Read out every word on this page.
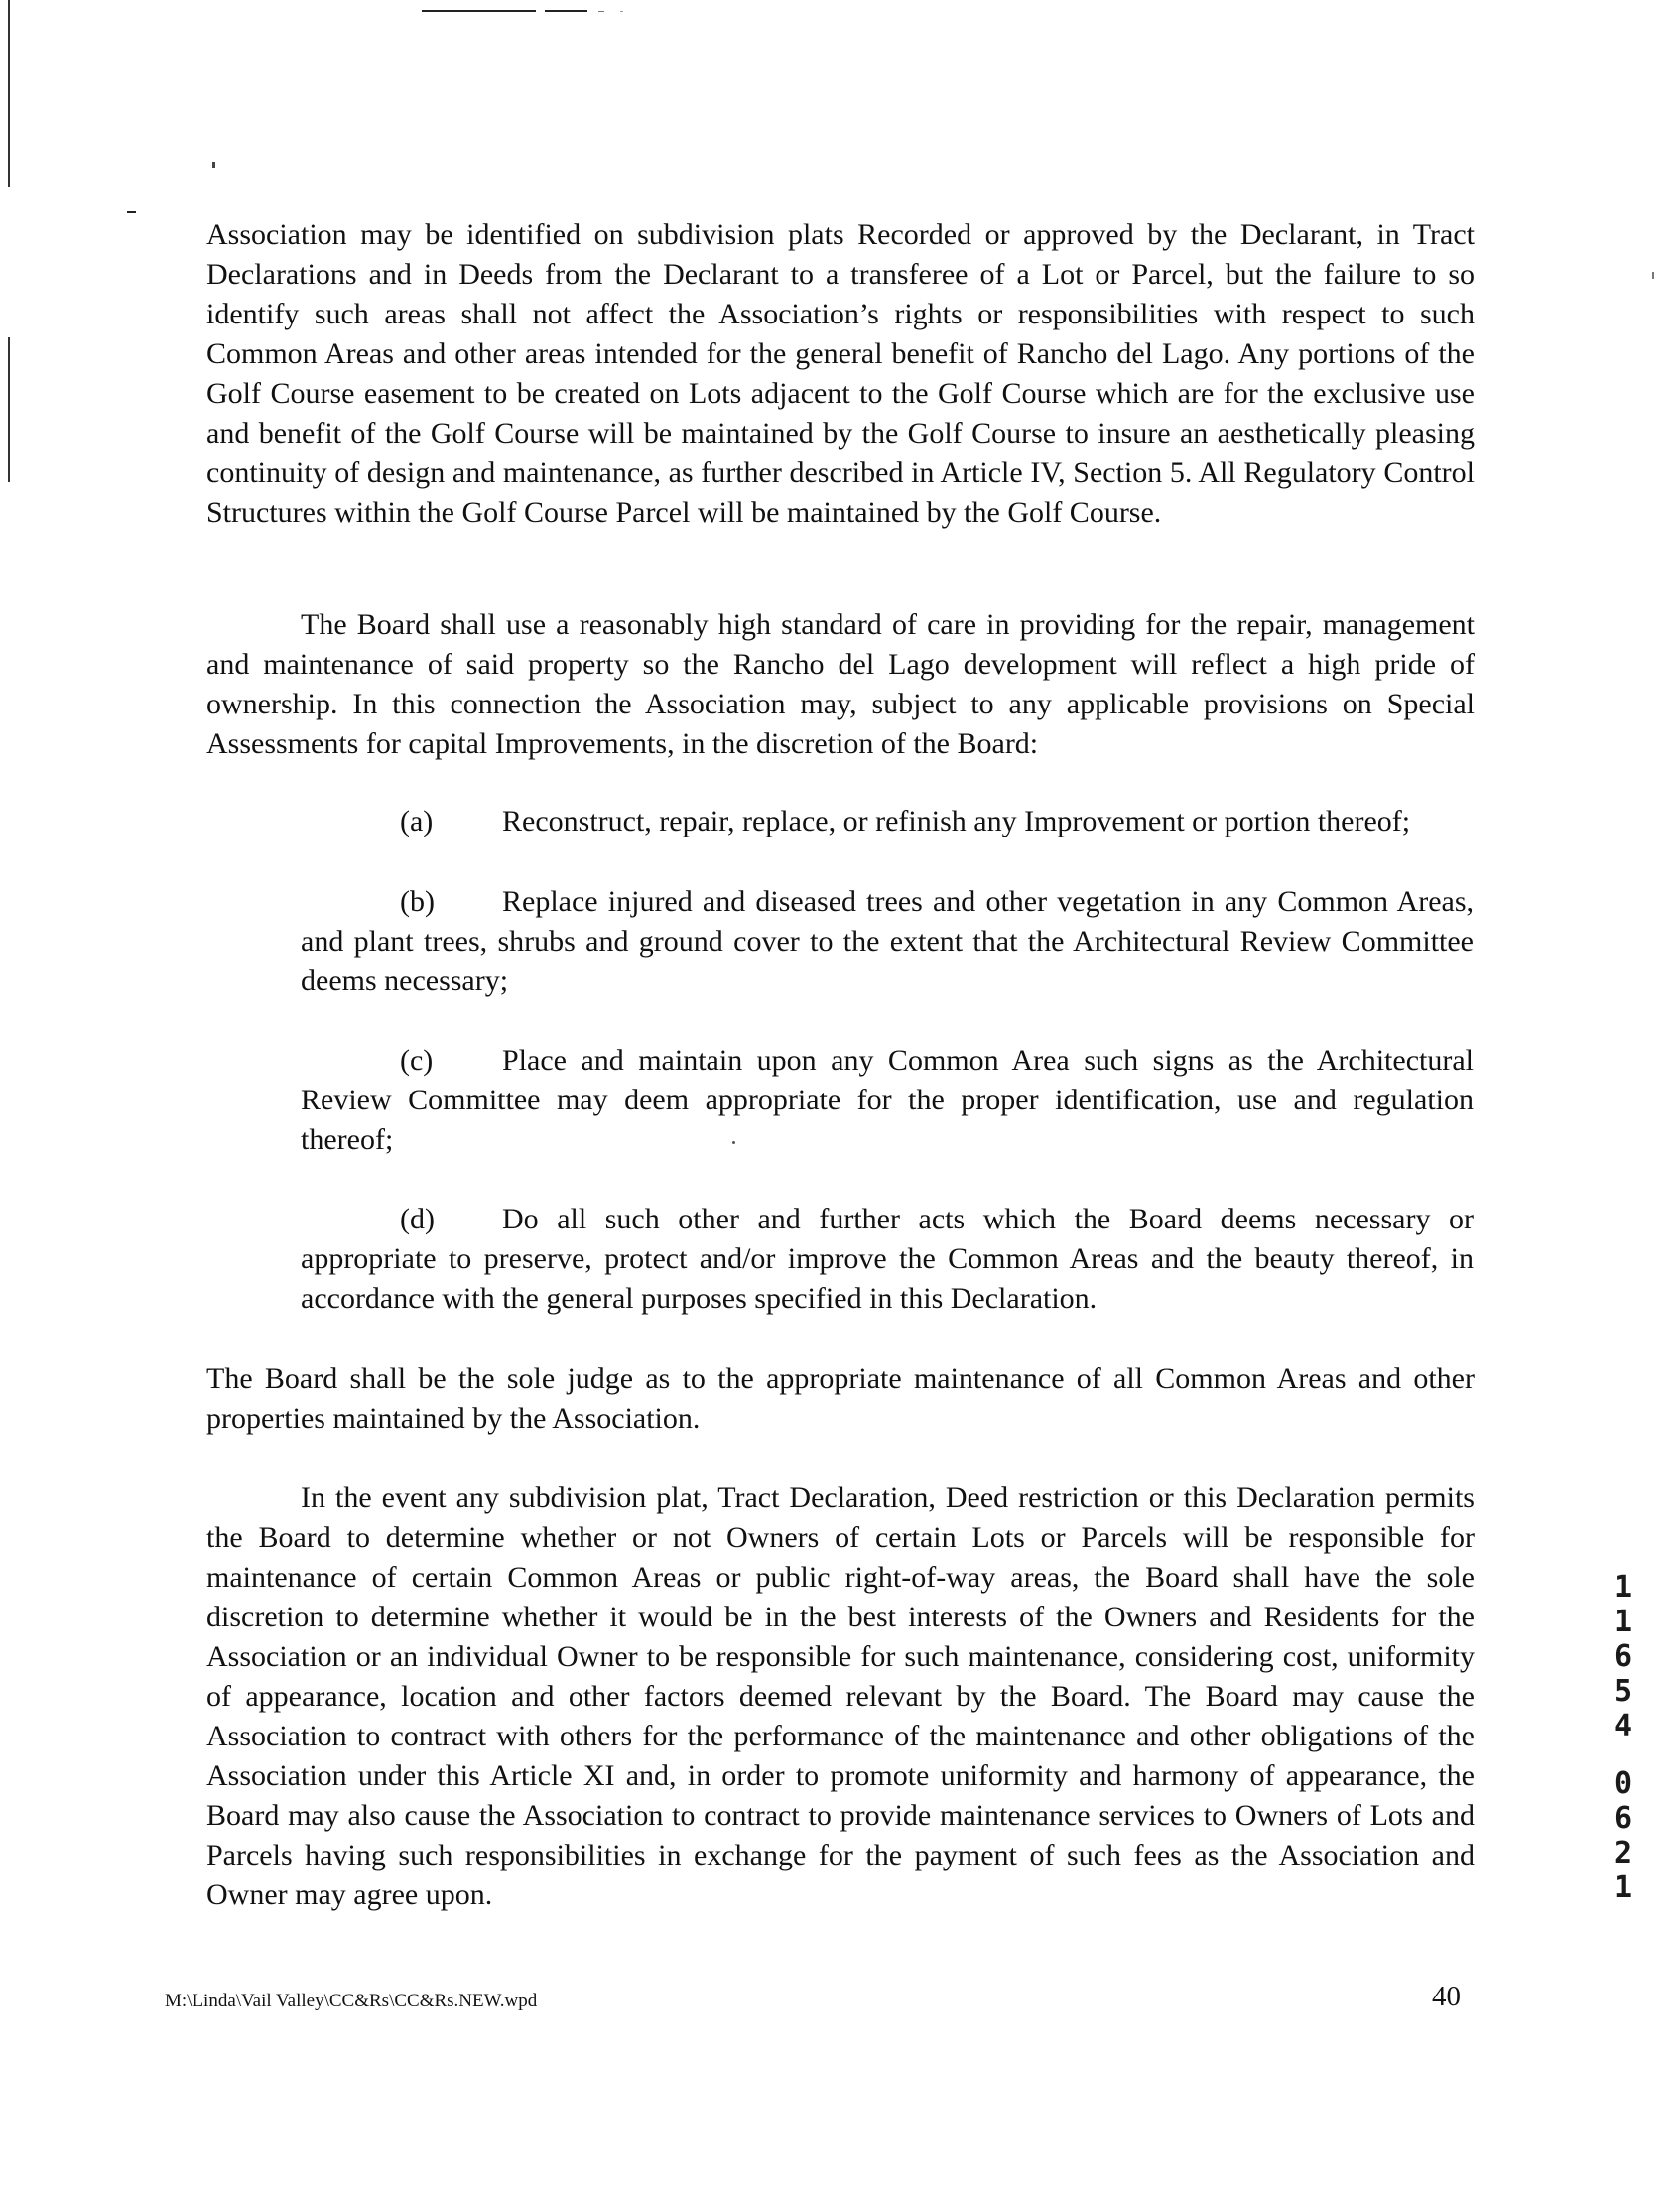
Association may be identified on subdivision plats Recorded or approved by the Declarant, in Tract Declarations and in Deeds from the Declarant to a transferee of a Lot or Parcel, but the failure to so identify such areas shall not affect the Association’s rights or responsibilities with respect to such Common Areas and other areas intended for the general benefit of Rancho del Lago. Any portions of the Golf Course easement to be created on Lots adjacent to the Golf Course which are for the exclusive use and benefit of the Golf Course will be maintained by the Golf Course to insure an aesthetically pleasing continuity of design and maintenance, as further described in Article IV, Section 5. All Regulatory Control Structures within the Golf Course Parcel will be maintained by the Golf Course.

The Board shall use a reasonably high standard of care in providing for the repair, management and maintenance of said property so the Rancho del Lago development will reflect a high pride of ownership. In this connection the Association may, subject to any applicable provisions on Special Assessments for capital Improvements, in the discretion of the Board:

(a) Reconstruct, repair, replace, or refinish any Improvement or portion thereof;

(b) Replace injured and diseased trees and other vegetation in any Common Areas, and plant trees, shrubs and ground cover to the extent that the Architectural Review Committee deems necessary;

(c) Place and maintain upon any Common Area such signs as the Architectural Review Committee may deem appropriate for the proper identification, use and regulation thereof;

(d) Do all such other and further acts which the Board deems necessary or appropriate to preserve, protect and/or improve the Common Areas and the beauty thereof, in accordance with the general purposes specified in this Declaration.

The Board shall be the sole judge as to the appropriate maintenance of all Common Areas and other properties maintained by the Association.

In the event any subdivision plat, Tract Declaration, Deed restriction or this Declaration permits the Board to determine whether or not Owners of certain Lots or Parcels will be responsible for maintenance of certain Common Areas or public right-of-way areas, the Board shall have the sole discretion to determine whether it would be in the best interests of the Owners and Residents for the Association or an individual Owner to be responsible for such maintenance, considering cost, uniformity of appearance, location and other factors deemed relevant by the Board. The Board may cause the Association to contract with others for the performance of the maintenance and other obligations of the Association under this Article XI and, in order to promote uniformity and harmony of appearance, the Board may also cause the Association to contract to provide maintenance services to Owners of Lots and Parcels having such responsibilities in exchange for the payment of such fees as the Association and Owner may agree upon.

M:\Linda\Vail Valley\CC&Rs\CC&Rs.NEW.wpd	40
11654
0621
